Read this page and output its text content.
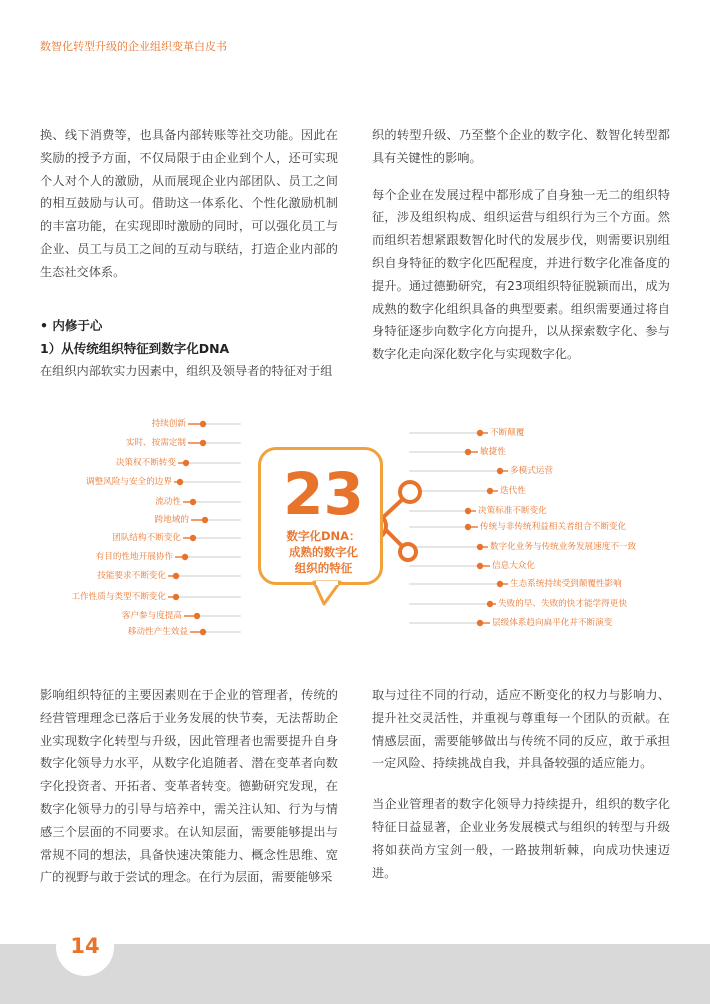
数智化转型升级的企业组织变革白皮书

换、线下消费等，也具备内部转账等社交功能。因此在奖励的授予方面，不仅局限于由企业到个人，还可实现个人对个人的激励，从而展现企业内部团队、员工之间的相互鼓励与认可。借助这一体系化、个性化激励机制的丰富功能，在实现即时激励的同时，可以强化员工与企业、员工与员工之间的互动与联结，打造企业内部的生态社交体系。

• 内修于心

1）从传统组织特征到数字化DNA

在组织内部软实力因素中，组织及领导者的特征对于组

织的转型升级、乃至整个企业的数字化、数智化转型都具有关键性的影响。

每个企业在发展过程中都形成了自身独一无二的组织特征，涉及组织构成、组织运营与组织行为三个方面。然而组织若想紧跟数智化时代的发展步伐，则需要识别组织自身特征的数字化匹配程度，并进行数字化准备度的提升。通过德勤研究，有23项组织特征脱颖而出，成为成熟的数字化组织具备的典型要素。组织需要通过将自身特征逐步向数字化方向提升，以从探索数字化、参与数字化走向深化数字化与实现数字化。

23
数字化DNA：
成熟的数字化
组织的特征
持续创新
实时、按需定制
决策权不断转变
调整风险与安全的边界
流动性
跨地域的
团队结构不断变化
有目的性地开展协作
技能要求不断变化
工作性质与类型不断变化
客户参与度提高
移动性产生效益
不断颠覆
敏捷性
多模式运营
迭代性
决策标准不断变化
传统与非传统利益相关者组合不断变化
数字化业务与传统业务发展速度不一致
信息大众化
生态系统持续受到颠覆性影响
失败的早、失败的快才能学得更快
层级体系趋向扁平化并不断演变

影响组织特征的主要因素则在于企业的管理者，传统的经营管理理念已落后于业务发展的快节奏，无法帮助企业实现数字化转型与升级，因此管理者也需要提升自身数字化领导力水平，从数字化追随者、潜在变革者向数字化投资者、开拓者、变革者转变。德勤研究发现，在数字化领导力的引导与培养中，需关注认知、行为与情感三个层面的不同要求。在认知层面，需要能够提出与常规不同的想法，具备快速决策能力、概念性思维、宽广的视野与敢于尝试的理念。在行为层面，需要能够采

取与过往不同的行动，适应不断变化的权力与影响力、提升社交灵活性，并重视与尊重每一个团队的贡献。在情感层面，需要能够做出与传统不同的反应，敢于承担一定风险、持续挑战自我，并具备较强的适应能力。

当企业管理者的数字化领导力持续提升，组织的数字化特征日益显著，企业业务发展模式与组织的转型与升级将如获尚方宝剑一般，一路披荆斩棘，向成功快速迈进。

14
